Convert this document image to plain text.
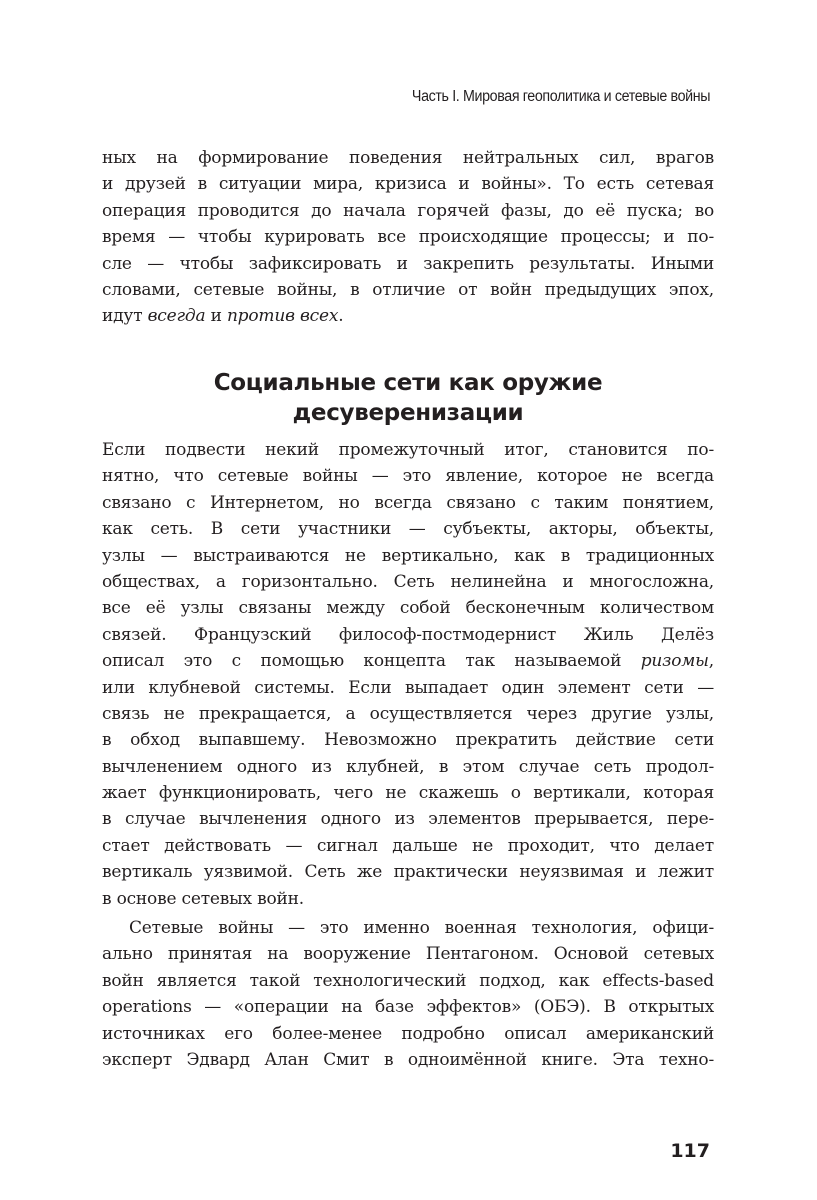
Часть I. Мировая геополитика и сетевые войны
ных на формирование поведения нейтральных сил, врагов
и друзей в ситуации мира, кризиса и войны». То есть сетевая
операция проводится до начала горячей фазы, до её пуска; во
время — чтобы курировать все происходящие процессы; и по-
сле — чтобы зафиксировать и закрепить результаты. Иными
словами, сетевые войны, в отличие от войн предыдущих эпох,
идут всегда и против всех.
Социальные сети как оружие
десуверенизации
Если подвести некий промежуточный итог, становится по-
нятно, что сетевые войны — это явление, которое не всегда
связано с Интернетом, но всегда связано с таким понятием,
как сеть. В сети участники — субъекты, акторы, объекты,
узлы — выстраиваются не вертикально, как в традиционных
обществах, а горизонтально. Сеть нелинейна и многосложна,
все её узлы связаны между собой бесконечным количеством
связей. Французский философ-постмодернист Жиль Делёз
описал это с помощью концепта так называемой ризомы,
или клубневой системы. Если выпадает один элемент сети —
связь не прекращается, а осуществляется через другие узлы,
в обход выпавшему. Невозможно прекратить действие сети
вычленением одного из клубней, в этом случае сеть продол-
жает функционировать, чего не скажешь о вертикали, которая
в случае вычленения одного из элементов прерывается, пере-
стает действовать — сигнал дальше не проходит, что делает
вертикаль уязвимой. Сеть же практически неуязвимая и лежит
в основе сетевых войн.
Сетевые войны — это именно военная технология, офици-
ально принятая на вооружение Пентагоном. Основой сетевых
войн является такой технологический подход, как effects-based
operations — «операции на базе эффектов» (ОБЭ). В открытых
источниках его более-менее подробно описал американский
эксперт Эдвард Алан Смит в одноимённой книге. Эта техно-
117
